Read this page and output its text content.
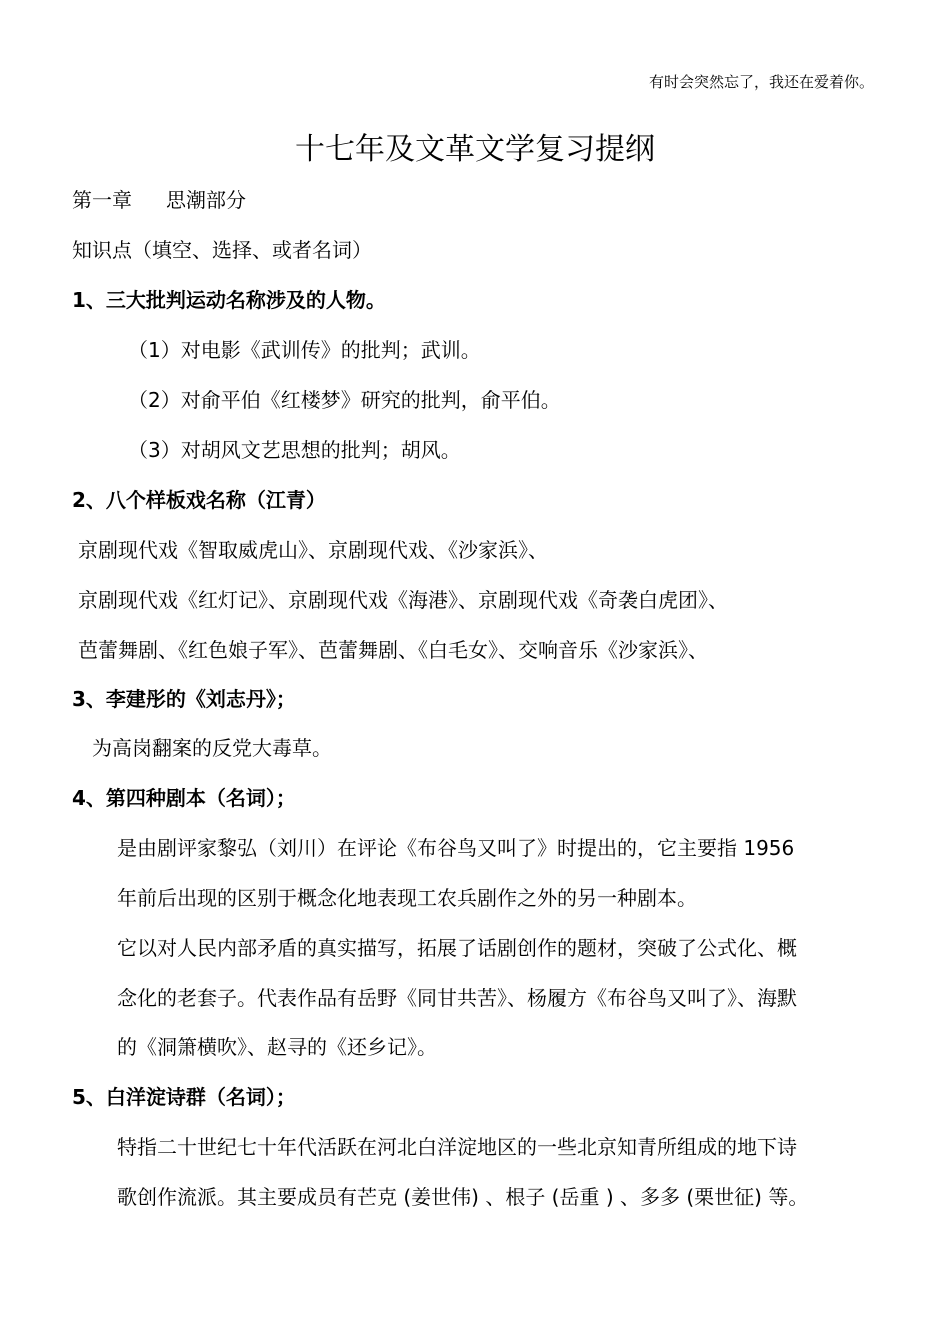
有时会突然忘了，我还在爱着你。
十七年及文革文学复习提纲
第一章 思潮部分
知识点（填空、选择、或者名词）
1、三大批判运动名称涉及的人物。
（1）对电影《武训传》的批判；武训。
（2）对俞平伯《红楼梦》研究的批判，俞平伯。
（3）对胡风文艺思想的批判；胡风。
2、八个样板戏名称（江青）
京剧现代戏《智取威虎山》、京剧现代戏、《沙家浜》、
京剧现代戏《红灯记》、京剧现代戏《海港》、京剧现代戏《奇袭白虎团》、
芭蕾舞剧、《红色娘子军》、芭蕾舞剧、《白毛女》、交响音乐《沙家浜》、
3、李建彤的《刘志丹》；
为高岗翻案的反党大毒草。
4、第四种剧本（名词）；
是由剧评家黎弘（刘川）在评论《布谷鸟又叫了》时提出的，它主要指 1956
年前后出现的区别于概念化地表现工农兵剧作之外的另一种剧本。
它以对人民内部矛盾的真实描写，拓展了话剧创作的题材，突破了公式化、概
念化的老套子。代表作品有岳野《同甘共苦》、杨履方《布谷鸟又叫了》、海默
的《洞箫横吹》、赵寻的《还乡记》。
5、白洋淀诗群（名词）；
特指二十世纪七十年代活跃在河北白洋淀地区的一些北京知青所组成的地下诗
歌创作流派。其主要成员有芒克 (姜世伟) 、根子 (岳重 ) 、多多 (栗世征) 等。
